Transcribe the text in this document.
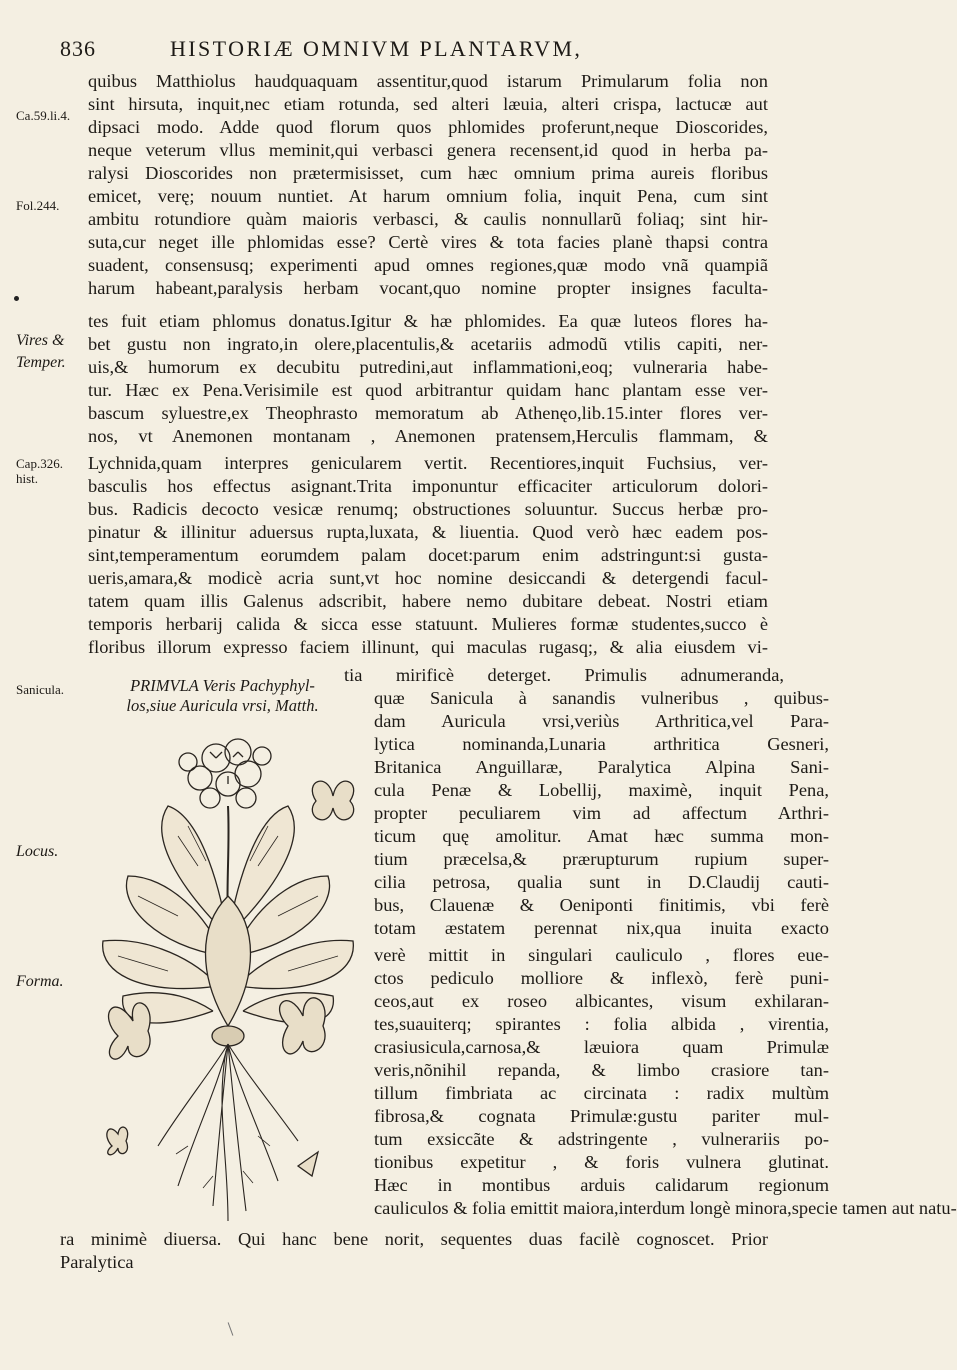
836	HISTORIÆ OMNIVM PLANTARVM,
Ca.59.li.4.
Fol.244.
Vires & Temper.
Cap.326. hist.
Sanicula.
Locus.
Forma.
quibus Matthiolus haudquaquam assentitur,quod istarum Primularum folia non
sint hirsuta, inquit,nec etiam rotunda, sed alteri læuia, alteri crispa, lactucæ aut
dipsaci modo. Adde quod florum quos phlomides proferunt,neque Dioscorides,
neque veterum vllus meminit,qui verbasci genera recensent,id quod in herba pa-
ralysi Dioscorides non prætermisisset, cum hæc omnium prima aureis floribus
emicet, verę; nouum nuntiet. At harum omnium folia, inquit Pena, cum sint
ambitu rotundiore quàm maioris verbasci, & caulis nonnullarũ foliaq; sint hir-
suta,cur neget ille phlomidas esse? Certè vires & tota facies planè thapsi contra
suadent, consensusq; experimenti apud omnes regiones,quæ modo vnã quampiã
harum habeant,paralysis herbam vocant,quo nomine propter insignes faculta-
tes fuit etiam phlomus donatus.Igitur & hæ phlomides. Ea quæ luteos flores ha-
bet gustu non ingrato,in olere,placentulis,& acetariis admodũ vtilis capiti, ner-
uis,& humorum ex decubitu putredini,aut inflammationi,eoq; vulneraria habe-
tur. Hæc ex Pena.Verisimile est quod arbitrantur quidam hanc plantam esse ver-
bascum syluestre,ex Theophrasto memoratum ab Athenęo,lib.15.inter flores ver-
nos, vt Anemonen montanam , Anemonen pratensem,Herculis flammam, &
Lychnida,quam interpres genicularem vertit. Recentiores,inquit Fuchsius, ver-
basculis hos effectus asignant.Trita imponuntur efficaciter articulorum dolori-
bus. Radicis decocto vesicæ renumq; obstructiones soluuntur. Succus herbæ pro-
pinatur & illinitur aduersus rupta,luxata, & liuentia. Quod verò hæc eadem pos-
sint,temperamentum eorumdem palam docet:parum enim adstringunt:si gusta-
ueris,amara,& modicè acria sunt,vt hoc nomine desiccandi & detergendi facul-
tatem quam illis Galenus adscribit, habere nemo dubitare debeat. Nostri etiam
temporis herbarij calida & sicca esse statuunt. Mulieres formæ studentes,succo è
floribus illorum expresso faciem illinunt, qui maculas rugasq;, & alia eiusdem vi-
PRIMVLA Veris Pachyphyl-
los,siue Auricula vrsi, Matth.
tia mirificè deterget. Primulis adnumeranda,
quæ Sanicula à sanandis vulneribus , quibus-
dam Auricula vrsi,veriùs Arthritica,vel Para-
lytica nominanda,Lunaria arthritica Gesneri,
Britanica Anguillaræ, Paralytica Alpina Sani-
cula Penæ & Lobellij, maximè, inquit Pena,
propter peculiarem vim ad affectum Arthri-
ticum quę amolitur. Amat hæc summa mon-
tium præcelsa,& prærupturum rupium super-
cilia petrosa, qualia sunt in D.Claudij cauti-
bus, Clauenæ & Oeniponti finitimis, vbi ferè
totam æstatem perennat nix,qua inuita exacto
verè mittit in singulari cauliculo , flores eue-
ctos pediculo molliore & inflexò, ferè puni-
ceos,aut ex roseo albicantes, visum exhilaran-
tes,suauiterq; spirantes : folia albida , virentia,
crasiusicula,carnosa,& læuiora quam Primulæ
veris,nõnihil repanda, & limbo crasiore tan-
tillum fimbriata ac circinata : radix multùm
fibrosa,& cognata Primulæ:gustu pariter mul-
tum exsiccãte & adstringente , vulnerariis po-
tionibus expetitur , & foris vulnera glutinat.
Hæc in montibus arduis calidarum regionum
cauliculos & folia emittit maiora,interdum longè minora,specie tamen aut natu-
ra minimè diuersa. Qui hanc bene norit, sequentes duas facilè cognoscet. Prior
Paralytica
